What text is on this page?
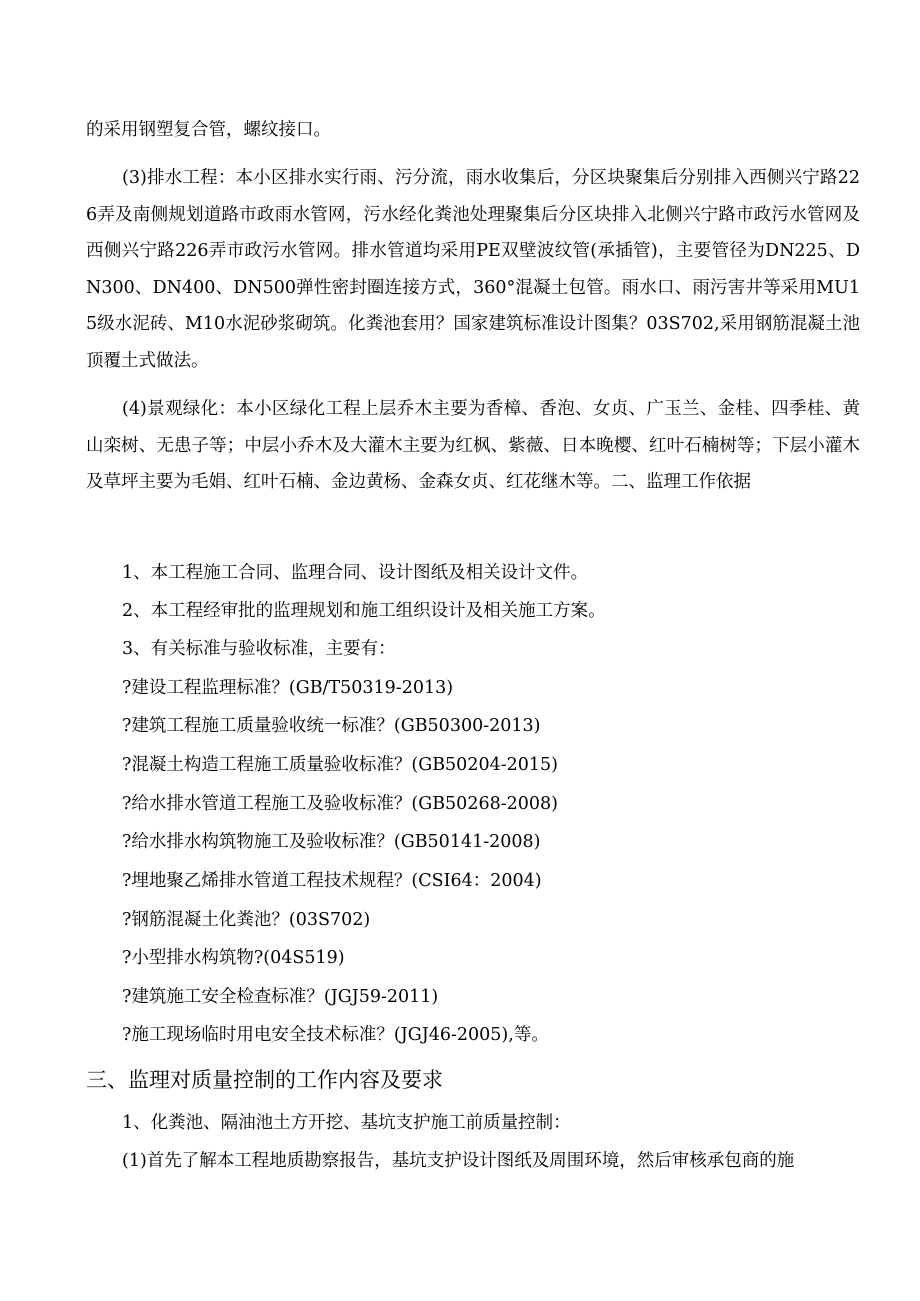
的采用钢塑复合管，螺纹接口。

(3)排水工程：本小区排水实行雨、污分流，雨水收集后，分区块聚集后分别排入西侧兴宁路226弄及南侧规划道路市政雨水管网，污水经化粪池处理聚集后分区块排入北侧兴宁路市政污水管网及西侧兴宁路226弄市政污水管网。排水管道均采用PE双壁波纹管(承插管)，主要管径为DN225、DN300、DN400、DN500弹性密封圈连接方式，360°混凝土包管。雨水口、雨污害井等采用MU15级水泥砖、M10水泥砂浆砌筑。化粪池套用？国家建筑标准设计图集？03S702,采用钢筋混凝土池顶覆土式做法。

(4)景观绿化：本小区绿化工程上层乔木主要为香樟、香泡、女贞、广玉兰、金桂、四季桂、黄山栾树、无患子等；中层小乔木及大灌木主要为红枫、紫薇、日本晚樱、红叶石楠树等；下层小灌木及草坪主要为毛娟、红叶石楠、金边黄杨、金森女贞、红花继木等。二、监理工作依据

1、本工程施工合同、监理合同、设计图纸及相关设计文件。

2、本工程经审批的监理规划和施工组织设计及相关施工方案。

3、有关标准与验收标准，主要有：

?建设工程监理标准？(GB/T50319-2013)

?建筑工程施工质量验收统一标准？(GB50300-2013)

?混凝土构造工程施工质量验收标准？(GB50204-2015)

?给水排水管道工程施工及验收标准？(GB50268-2008)

?给水排水构筑物施工及验收标准？(GB50141-2008)

?埋地聚乙烯排水管道工程技术规程？(CSI64：2004)

?钢筋混凝土化粪池？(03S702)

?小型排水构筑物?(04S519)

?建筑施工安全检查标准？(JGJ59-2011)

?施工现场临时用电安全技术标准？(JGJ46-2005),等。

三、监理对质量控制的工作内容及要求

1、化粪池、隔油池土方开挖、基坑支护施工前质量控制：

(1)首先了解本工程地质勘察报告，基坑支护设计图纸及周围环境，然后审核承包商的施
